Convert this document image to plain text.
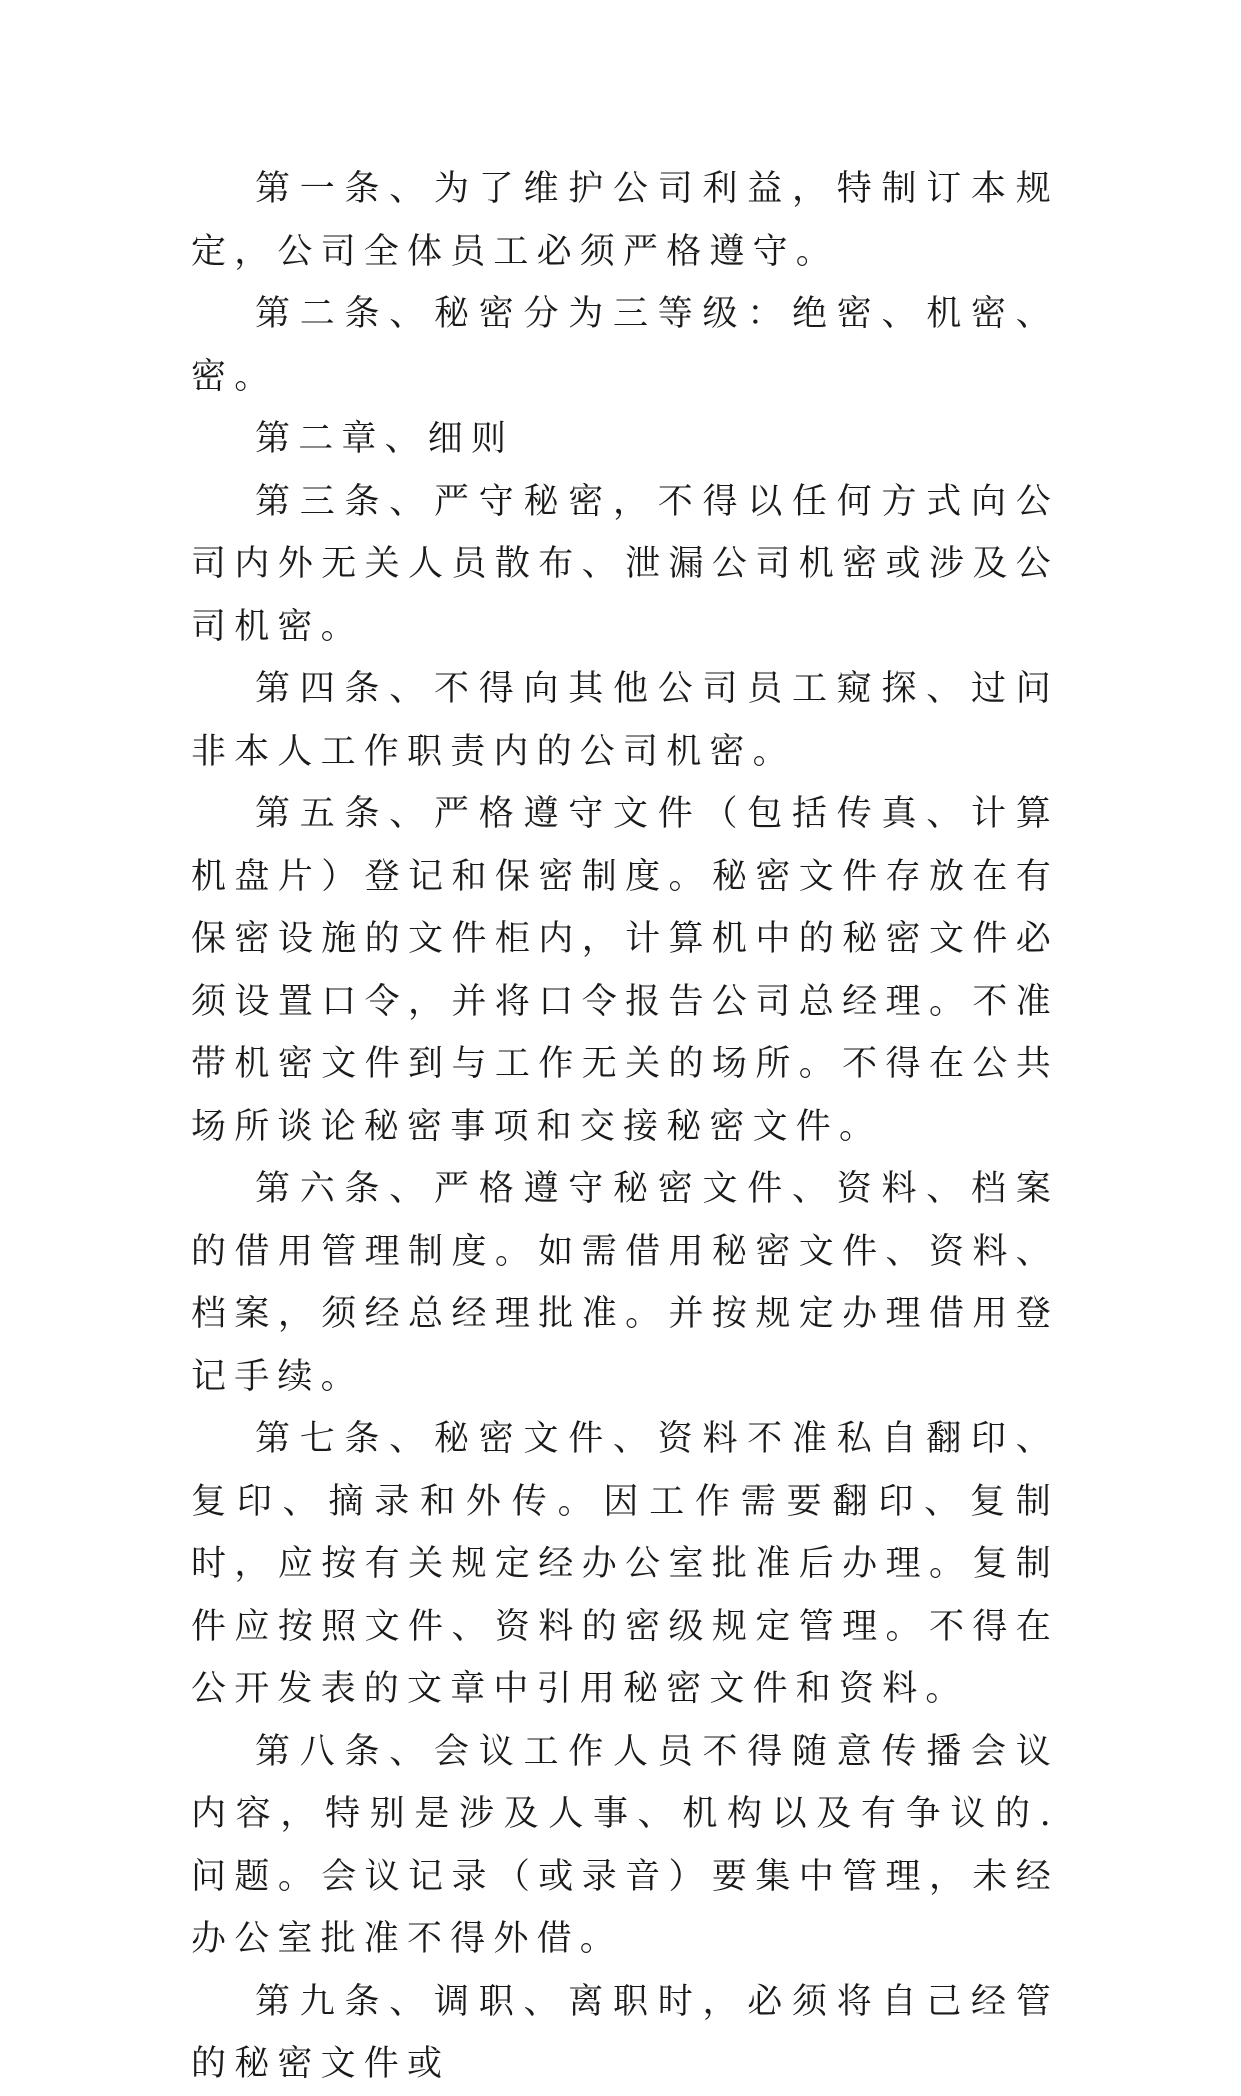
第一条、为了维护公司利益，特制订本规定，公司全体员工必须严格遵守。

第二条、秘密分为三等级：绝密、机密、密。

第二章、细则

第三条、严守秘密，不得以任何方式向公司内外无关人员散布、泄漏公司机密或涉及公司机密。

第四条、不得向其他公司员工窥探、过问非本人工作职责内的公司机密。

第五条、严格遵守文件（包括传真、计算机盘片）登记和保密制度。秘密文件存放在有保密设施的文件柜内，计算机中的秘密文件必须设置口令，并将口令报告公司总经理。不准带机密文件到与工作无关的场所。不得在公共场所谈论秘密事项和交接秘密文件。

第六条、严格遵守秘密文件、资料、档案的借用管理制度。如需借用秘密文件、资料、档案，须经总经理批准。并按规定办理借用登记手续。

第七条、秘密文件、资料不准私自翻印、复印、摘录和外传。因工作需要翻印、复制时，应按有关规定经办公室批准后办理。复制件应按照文件、资料的密级规定管理。不得在公开发表的文章中引用秘密文件和资料。

第八条、会议工作人员不得随意传播会议内容，特别是涉及人事、机构以及有争议的.问题。会议记录（或录音）要集中管理，未经办公室批准不得外借。

第九条、调职、离职时，必须将自己经管的秘密文件或
